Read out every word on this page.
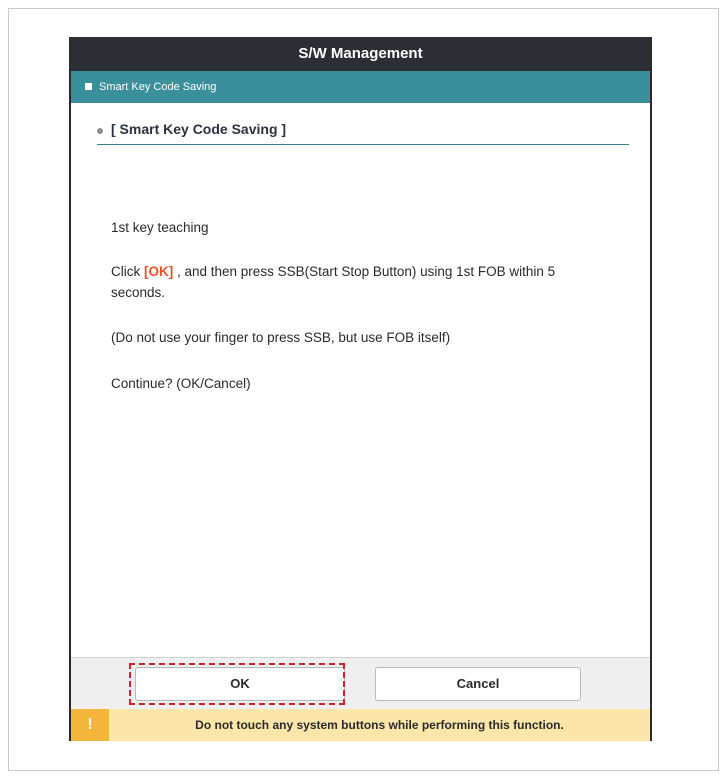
S/W Management
Smart Key Code Saving
[ Smart Key Code Saving ]
1st key teaching
Click [OK] , and then press SSB(Start Stop Button) using 1st FOB within 5 seconds.
(Do not use your finger to press SSB, but use FOB itself)
Continue? (OK/Cancel)
OK	Cancel
!	Do not touch any system buttons while performing this function.
